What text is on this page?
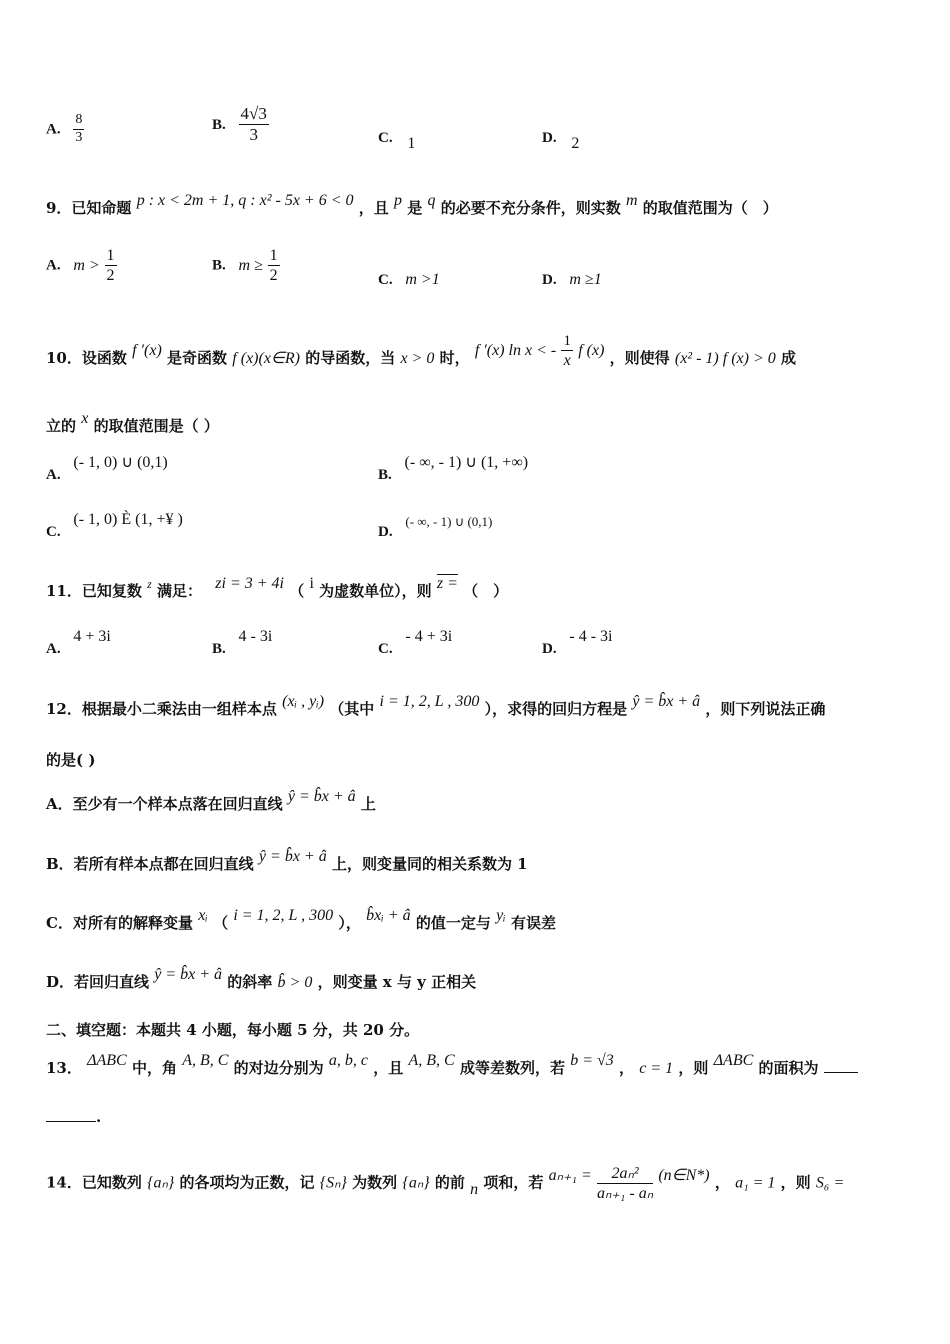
A. $\frac{8}{3}$	B. $\frac{4√3}{3}$	C. 1	D. 2
9．已知命题 p : x < 2m + 1, q : x² - 5x + 6 < 0 ，且 p 是 q 的必要不充分条件，则实数 m 的取值范围为（　）
A. $m > \frac{1}{2}$	B. $m \ge \frac{1}{2}$	C. m >1	D. m ≥1
10．设函数 f ′(x) 是奇函数 f (x)(x∈R) 的导函数，当 x > 0 时， f ′(x) ln x < - $\frac{1}{x}$ f (x) ，则使得 (x² - 1) f (x) > 0 成
立的 x 的取值范围是（ ）
A. (- 1, 0) ∪ (0,1)
B. (- ∞, - 1) ∪ (1, +∞)
C. (- 1, 0) È (1, +¥ )
D. (- ∞, - 1) ∪ (0,1)
11．已知复数 $^z$ 满足： zi = 3 + 4i （ i 为虚数单位），则 z = （　）
A. 4 + 3i
B. 4 - 3i
C. - 4 + 3i
D. - 4 - 3i
12．根据最小二乘法由一组样本点 (xᵢ , yᵢ) （其中 i = 1, 2, L , 300 ），求得的回归方程是 ŷ = b̂x + â ，则下列说法正确
的是( )
A．至少有一个样本点落在回归直线 ŷ = b̂x + â 上
B．若所有样本点都在回归直线 ŷ = b̂x + â 上，则变量同的相关系数为 1
C．对所有的解释变量 xᵢ （ i = 1, 2, L , 300 ）， b̂xᵢ + â 的值一定与 yᵢ 有误差
D．若回归直线 ŷ = b̂x + â 的斜率 b̂ > 0 ，则变量 x 与 y 正相关
二、填空题：本题共 4 小题，每小题 5 分，共 20 分。
13． ΔABC 中，角 A, B, C 的对边分别为 a, b, c ，且 A, B, C 成等差数列，若 b = √3 ， c = 1 ，则 ΔABC 的面积为
.
14．已知数列 {aₙ} 的各项均为正数，记 {Sₙ} 为数列 {aₙ} 的前 n 项和，若 $a_{n+1} = \frac{\text{2aₙ²}}{\text{aₙ₊₁ - aₙ}}$ (n∈N*) ， a₁ = 1 ，则 S₆ =
